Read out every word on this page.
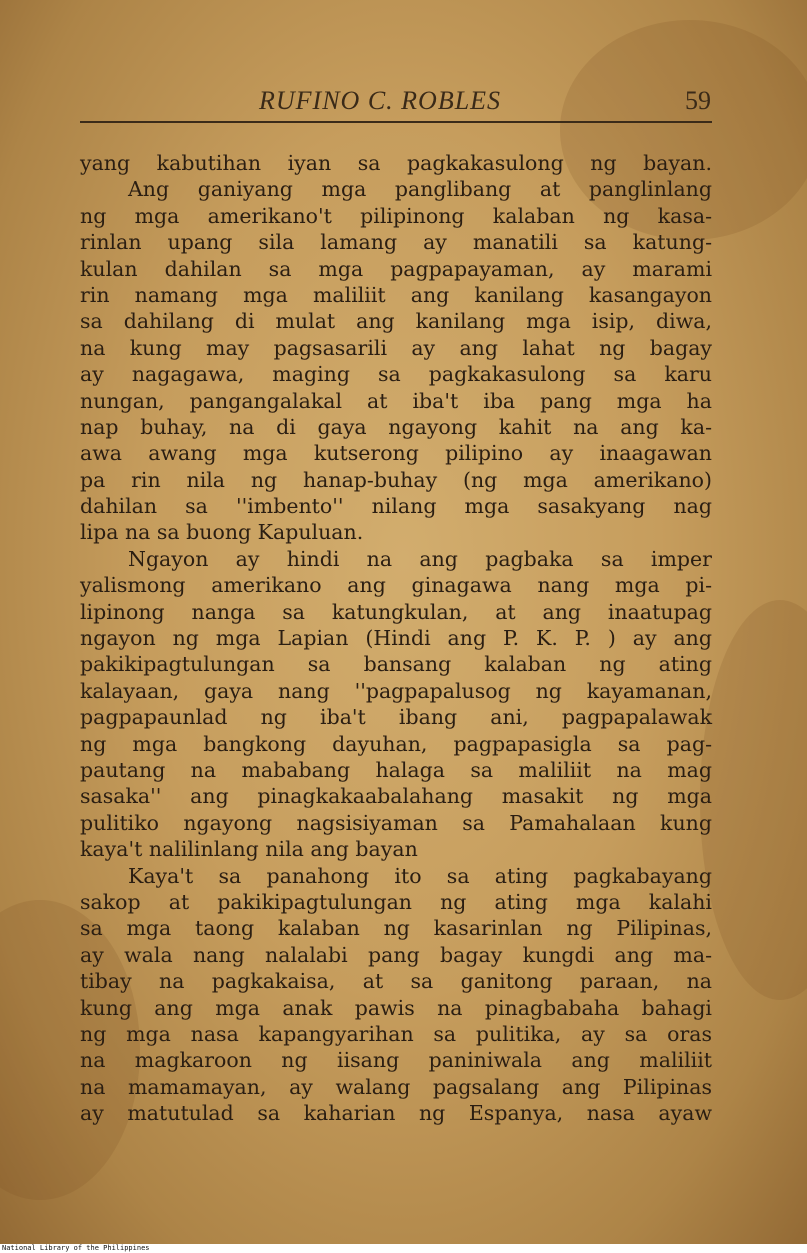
RUFINO C. ROBLES	59
yang kabutihan iyan sa pagkakasulong ng bayan.
Ang ganiyang mga panglibang at panglinlang
ng mga amerikano't pilipinong kalaban ng kasa-
rinlan upang sila lamang ay manatili sa katung-
kulan dahilan sa mga pagpapayaman, ay marami
rin namang mga maliliit ang kanilang kasangayon
sa dahilang di mulat ang kanilang mga isip, diwa,
na kung may pagsasarili ay ang lahat ng bagay
ay nagagawa, maging sa pagkakasulong sa karu
nungan, pangangalakal at iba't iba pang mga ha
nap buhay, na di gaya ngayong kahit na ang ka-
awa awang mga kutserong pilipino ay inaagawan
pa rin nila ng hanap-buhay (ng mga amerikano)
dahilan sa ''imbento'' nilang mga sasakyang nag
lipa na sa buong Kapuluan.
Ngayon ay hindi na ang pagbaka sa imper
yalismong amerikano ang ginagawa nang mga pi-
lipinong nanga sa katungkulan, at ang inaatupag
ngayon ng mga Lapian (Hindi ang P. K. P. ) ay ang
pakikipagtulungan sa bansang kalaban ng ating
kalayaan, gaya nang ''pagpapalusog ng kayamanan,
pagpapaunlad ng iba't ibang ani, pagpapalawak
ng mga bangkong dayuhan, pagpapasigla sa pag-
pautang na mababang halaga sa maliliit na mag
sasaka'' ang pinagkakaabalahang masakit ng mga
pulitiko ngayong nagsisiyaman sa Pamahalaan kung
kaya't nalilinlang nila ang bayan
Kaya't sa panahong ito sa ating pagkabayang
sakop at pakikipagtulungan ng ating mga kalahi
sa mga taong kalaban ng kasarinlan ng Pilipinas,
ay wala nang nalalabi pang bagay kungdi ang ma-
tibay na pagkakaisa, at sa ganitong paraan, na
kung ang mga anak pawis na pinagbabaha bahagi
ng mga nasa kapangyarihan sa pulitika, ay sa oras
na magkaroon ng iisang paniniwala ang maliliit
na mamamayan, ay walang pagsalang ang Pilipinas
ay matutulad sa kaharian ng Espanya, nasa ayaw
National Library of the Philippines
